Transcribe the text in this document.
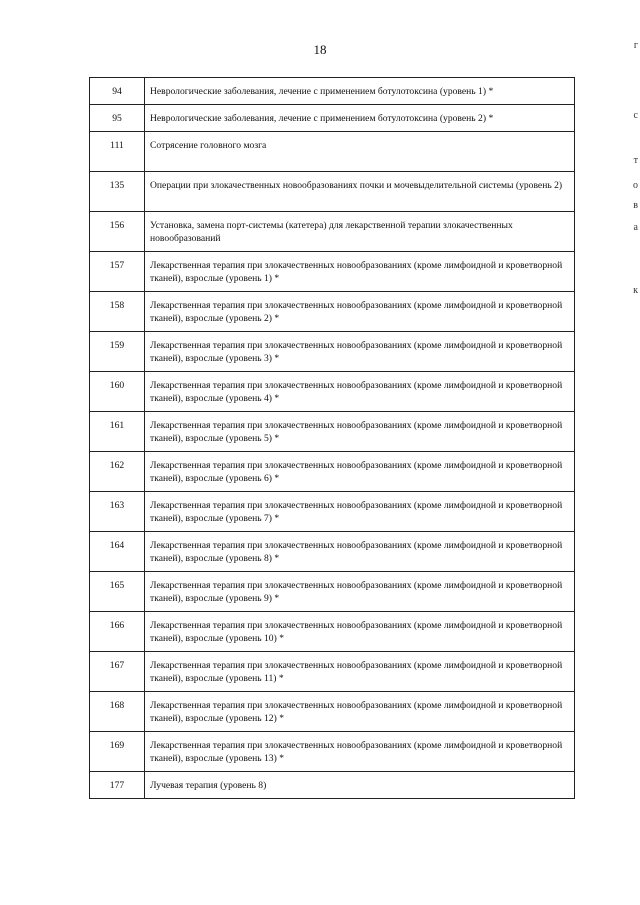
18	г
с
т
о
в
а
к
94	Неврологические заболевания, лечение с применением ботулотоксина (уровень 1) *
95	Неврологические заболевания, лечение с применением ботулотоксина (уровень 2) *
111	Сотрясение головного мозга
135	Операции при злокачественных новообразованиях почки и мочевыделительной системы (уровень 2)
156	Установка, замена порт-системы (катетера) для лекарственной терапии злокачественных новообразований
157	Лекарственная терапия при злокачественных новообразованиях (кроме лимфоидной и кроветворной тканей), взрослые (уровень 1) *
158	Лекарственная терапия при злокачественных новообразованиях (кроме лимфоидной и кроветворной тканей), взрослые (уровень 2) *
159	Лекарственная терапия при злокачественных новообразованиях (кроме лимфоидной и кроветворной тканей), взрослые (уровень 3) *
160	Лекарственная терапия при злокачественных новообразованиях (кроме лимфоидной и кроветворной тканей), взрослые (уровень 4) *
161	Лекарственная терапия при злокачественных новообразованиях (кроме лимфоидной и кроветворной тканей), взрослые (уровень 5) *
162	Лекарственная терапия при злокачественных новообразованиях (кроме лимфоидной и кроветворной тканей), взрослые (уровень 6) *
163	Лекарственная терапия при злокачественных новообразованиях (кроме лимфоидной и кроветворной тканей), взрослые (уровень 7) *
164	Лекарственная терапия при злокачественных новообразованиях (кроме лимфоидной и кроветворной тканей), взрослые (уровень 8) *
165	Лекарственная терапия при злокачественных новообразованиях (кроме лимфоидной и кроветворной тканей), взрослые (уровень 9) *
166	Лекарственная терапия при злокачественных новообразованиях (кроме лимфоидной и кроветворной тканей), взрослые (уровень 10) *
167	Лекарственная терапия при злокачественных новообразованиях (кроме лимфоидной и кроветворной тканей), взрослые (уровень 11) *
168	Лекарственная терапия при злокачественных новообразованиях (кроме лимфоидной и кроветворной тканей), взрослые (уровень 12) *
169	Лекарственная терапия при злокачественных новообразованиях (кроме лимфоидной и кроветворной тканей), взрослые (уровень 13) *
177	Лучевая терапия (уровень 8)
